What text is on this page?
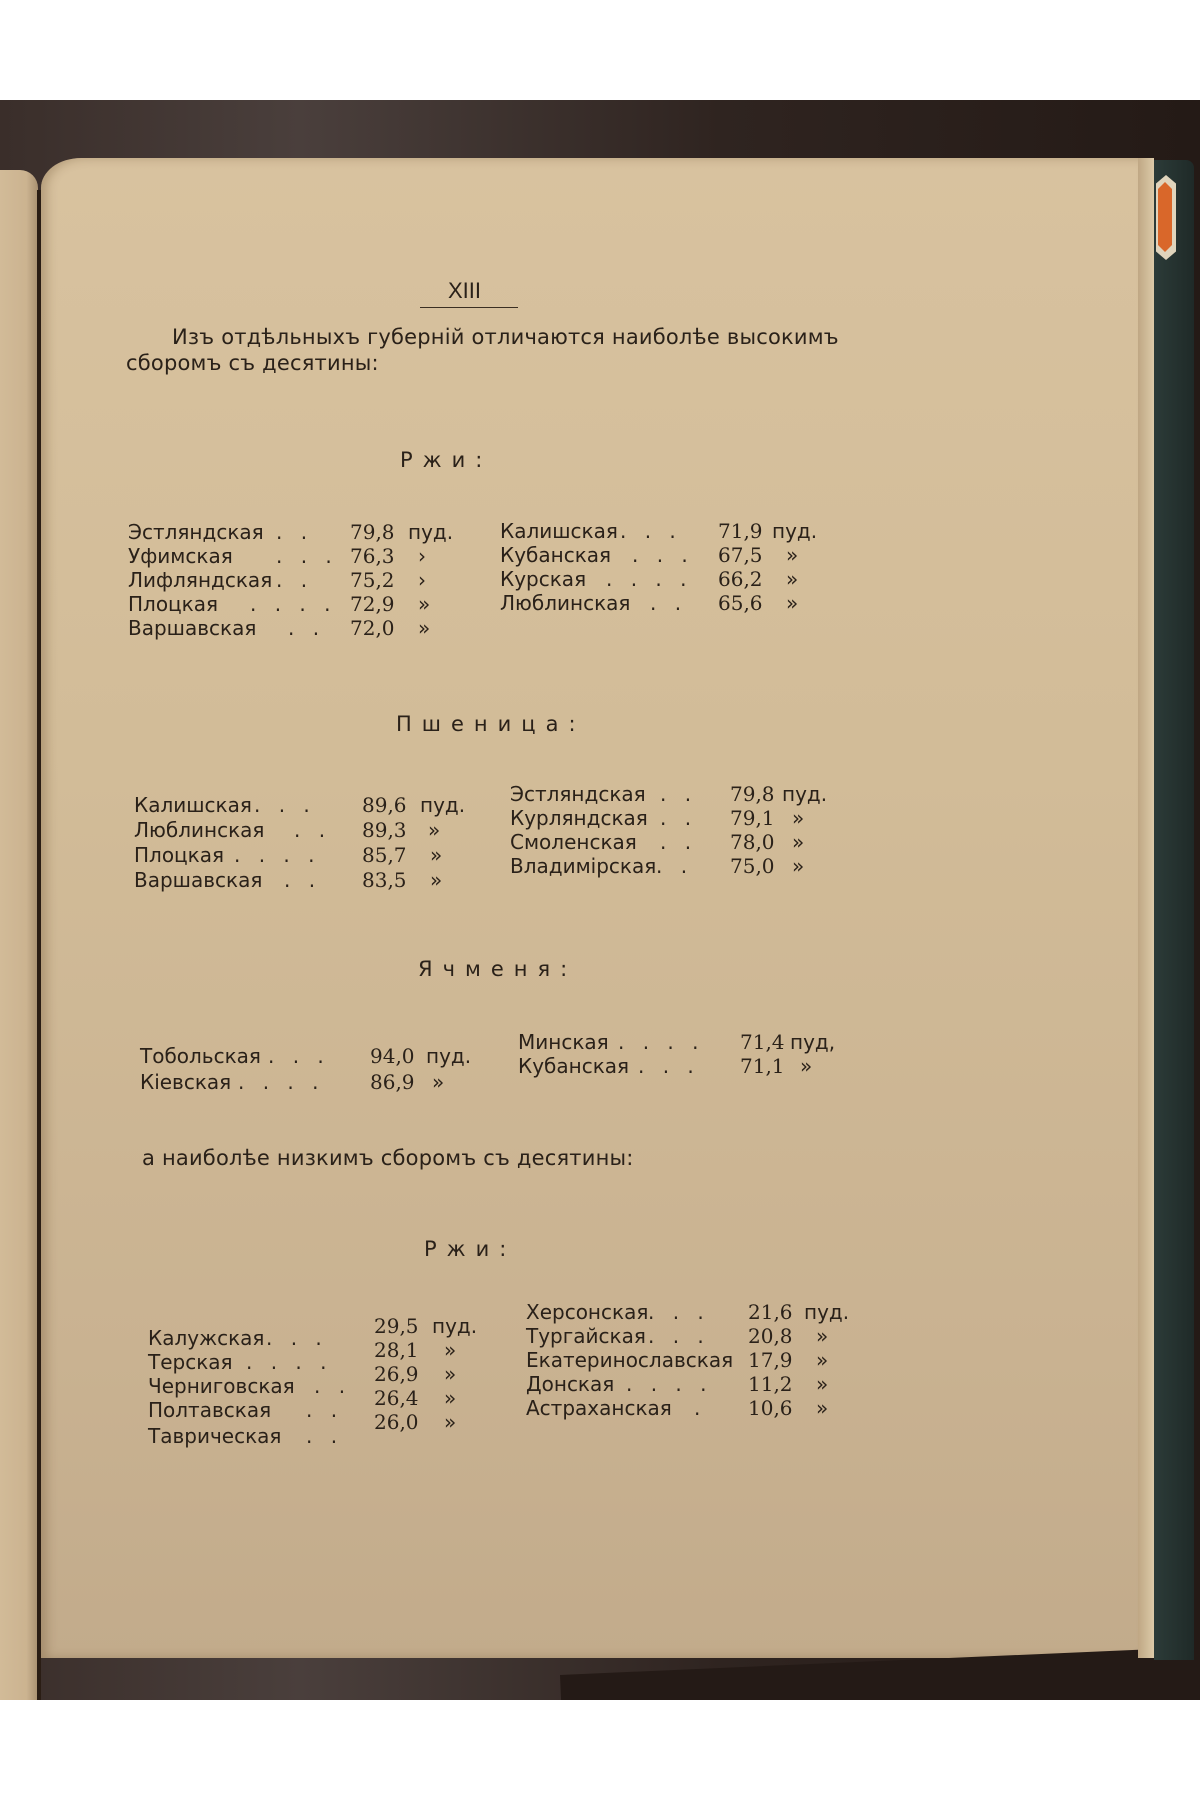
XIII
Изъ отдѣльныхъ губерній отличаются наиболѣе высокимъ
сборомъ съ десятины:
Ржи:
Эстляндская . . 79,8 пуд.
Уфимская . . . 76,3 ›
Лифляндская . . 75,2 ›
Плоцкая . . . . 72,9 »
Варшавская . . 72,0 »
Калишская . . . 71,9 пуд.
Кубанская . . . 67,5 »
Курская . . . . 66,2 »
Люблинская . . 65,6 »
Пшеница:
Калишская . . . 89,6 пуд.
Люблинская . . 89,3 »
Плоцкая . . . . 85,7 »
Варшавская . . 83,5 »
Эстляндская . . 79,8 пуд.
Курляндская . . 79,1 »
Смоленская . . 78,0 »
Владимірская . . 75,0 »
Ячменя:
Тобольская . . . 94,0 пуд.
Кіевская . . . . 86,9 »
Минская . . . . 71,4 пуд,
Кубанская . . . 71,1 »
а наиболѣе низкимъ сборомъ съ десятины:
Ржи:
Калужская . . . 29,5 пуд.
Терская . . . . 28,1 »
Черниговская . . 26,9 »
Полтавская . . 26,4 »
Таврическая . .
26,0 »
Херсонская . . . 21,6 пуд.
Тургайская . . . 20,8 »
Екатеринославская 17,9 »
Донская . . . . 11,2 »
Астраханская . 10,6 »
